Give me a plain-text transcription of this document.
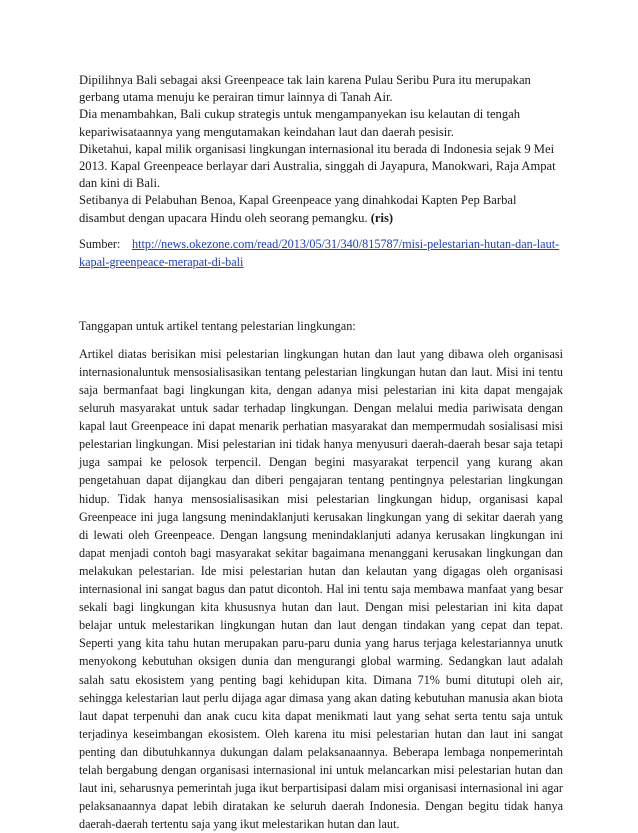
Dipilihnya Bali sebagai aksi Greenpeace tak lain karena Pulau Seribu Pura itu merupakan gerbang utama menuju ke perairan timur lainnya di Tanah Air.

Dia menambahkan, Bali cukup strategis untuk mengampanyekan isu kelautan di tengah kepariwisataannya yang mengutamakan keindahan laut dan daerah pesisir.

Diketahui, kapal milik organisasi lingkungan internasional itu berada di Indonesia sejak 9 Mei 2013. Kapal Greenpeace berlayar dari Australia, singgah di Jayapura, Manokwari, Raja Ampat dan kini di Bali.

Setibanya di Pelabuhan Benoa, Kapal Greenpeace yang dinahkodai Kapten Pep Barbal disambut dengan upacara Hindu oleh seorang pemangku. (ris)

Sumber: http://news.okezone.com/read/2013/05/31/340/815787/misi-pelestarian-hutan-dan-laut-kapal-greenpeace-merapat-di-bali
Tanggapan untuk artikel tentang pelestarian lingkungan:
Artikel diatas berisikan misi pelestarian lingkungan hutan dan laut yang dibawa oleh organisasi internasionaluntuk mensosialisasikan tentang pelestarian lingkungan hutan dan laut. Misi ini tentu saja bermanfaat bagi lingkungan kita, dengan adanya misi pelestarian ini kita dapat mengajak seluruh masyarakat untuk sadar terhadap lingkungan. Dengan melalui media pariwisata dengan kapal laut Greenpeace ini dapat menarik perhatian masyarakat dan mempermudah sosialisasi misi pelestarian lingkungan. Misi pelestarian ini tidak hanya menyusuri daerah-daerah besar saja tetapi juga sampai ke pelosok terpencil. Dengan begini masyarakat terpencil yang kurang akan pengetahuan dapat dijangkau dan diberi pengajaran tentang pentingnya pelestarian lingkungan hidup. Tidak hanya mensosialisasikan misi pelestarian lingkungan hidup, organisasi kapal Greenpeace ini juga langsung menindaklanjuti kerusakan lingkungan yang di sekitar daerah yang di lewati oleh Greenpeace. Dengan langsung menindaklanjuti adanya kerusakan lingkungan ini dapat menjadi contoh bagi masyarakat sekitar bagaimana menanggani kerusakan lingkungan dan melakukan pelestarian. Ide misi pelestarian hutan dan kelautan yang digagas oleh organisasi internasional ini sangat bagus dan patut dicontoh. Hal ini tentu saja membawa manfaat yang besar sekali bagi lingkungan kita khususnya hutan dan laut. Dengan misi pelestarian ini kita dapat belajar untuk melestarikan lingkungan hutan dan laut dengan tindakan yang cepat dan tepat. Seperti yang kita tahu hutan merupakan paru-paru dunia yang harus terjaga kelestariannya unutk menyokong kebutuhan oksigen dunia dan mengurangi global warming. Sedangkan laut adalah salah satu ekosistem yang penting bagi kehidupan kita. Dimana 71% bumi ditutupi oleh air, sehingga kelestarian laut perlu dijaga agar dimasa yang akan dating kebutuhan manusia akan biota laut dapat terpenuhi dan anak cucu kita dapat menikmati laut yang sehat serta tentu saja untuk terjadinya keseimbangan ekosistem. Oleh karena itu misi pelestarian hutan dan laut ini sangat penting dan dibutuhkannya dukungan dalam pelaksanaannya. Beberapa lembaga nonpemerintah telah bergabung dengan organisasi internasional ini untuk melancarkan misi pelestarian hutan dan laut ini, seharusnya pemerintah juga ikut berpartisipasi dalam misi organisasi internasional ini agar pelaksanaannya dapat lebih diratakan ke seluruh daerah Indonesia. Dengan begitu tidak hanya daerah-daerah tertentu saja yang ikut melestarikan hutan dan laut.
